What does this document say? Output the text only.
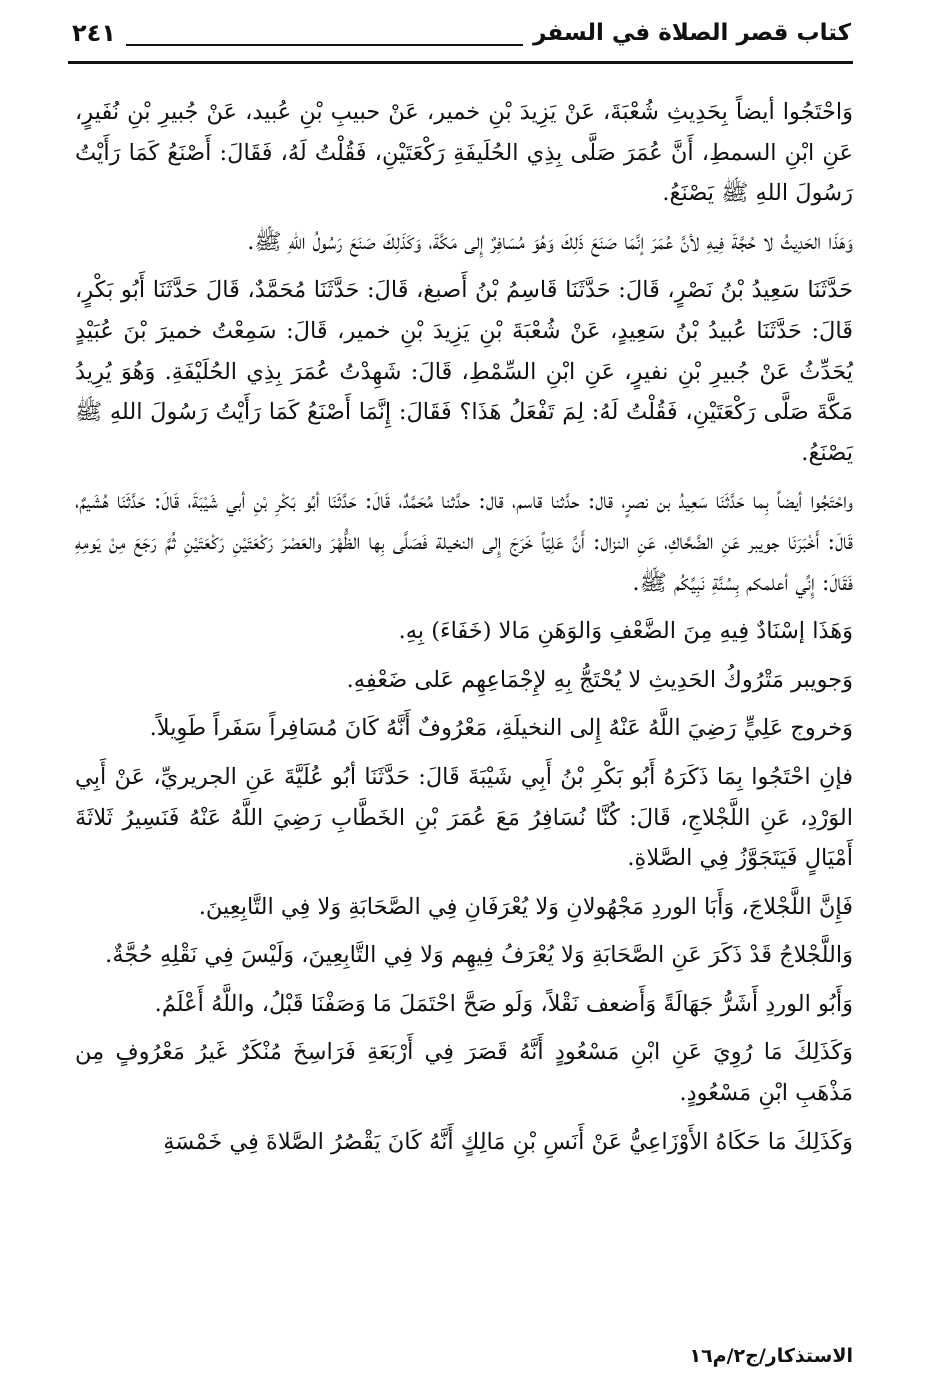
كتاب قصر الصلاة في السفر
٢٤١

وَاحْتَجُوا أيضاً بِحَدِيثِ شُعْبَةَ، عَنْ يَزِيدَ بْنِ خمير، عَنْ حبيبِ بْنِ عُبيد، عَنْ جُبيرِ بْنِ نُفَيرٍ، عَنِ ابْنِ السمطِ، أَنَّ عُمَرَ صَلَّى بِذِي الحُلَيفَةِ رَكْعَتَيْنِ، فَقُلْتُ لَهُ، فَقَالَ: أَصْنَعُ كَمَا رَأَيْتُ رَسُولَ اللهِ ﷺ يَصْنَعُ.

وَهَذَا الحَدِيثُ لا حُجَّةَ فِيهِ لأنَّ عُمَرَ إنَّمَا صَنَعَ ذَلِكَ وَهُوَ مُسَافِرٌ إِلى مَكَّةَ، وَكَذَلِكَ صَنَعَ رَسُولُ اللهِ ﷺ.

حَدَّثَنَا سَعِيدُ بْنُ نَصْرٍ، قَالَ: حَدَّثَنَا قَاسِمُ بْنُ أَصبغ، قَالَ: حَدَّثَنَا مُحَمَّدٌ، قَالَ حَدَّثَنَا أَبُو بَكْرٍ، قَالَ: حَدَّثَنَا عُبيدُ بْنُ سَعِيدٍ، عَنْ شُعْبَةَ بْنِ يَزِيدَ بْنِ خمير، قَالَ: سَمِعْتُ خميرَ بْنَ عُبَيْدٍ يُحَدِّثُ عَنْ جُبيرِ بْنِ نفيرٍ، عَنِ ابْنِ السِّمْطِ، قَالَ: شَهِدْتُ عُمَرَ بِذِي الحُلَيْفَةِ. وَهُوَ يُرِيدُ مَكَّةَ صَلَّى رَكْعَتَيْنِ، فَقُلْتُ لَهُ: لِمَ تَفْعَلُ هَذَا؟ فَقَالَ: إِنَّمَا أَصْنَعُ كَمَا رَأَيْتُ رَسُولَ اللهِ ﷺ يَصْنَعُ.

واحْتَجُوا أيضاً بِما حَدَّثَنَا سَعِيدُ بن نصرٍ، قال: حدَّثنا قاسم، قال: حدَّثنا مُحَمَّدٌ، قَالَ: حَدَّثَنَا أبُو بَكْرِ بْنِ أبي شَيْبَةَ، قَالَ: حَدَّثَنَا هُشَيمٌ، قَالَ: أَخْبَرَنَا جويبر عَنِ الضَّحَّاكِ، عَنِ النزال: أَنَّ عَلِيّاً خَرَجَ إِلى النخيلة فَصَلَّى بِها الظُّهْرَ والعَصْرَ رَكْعَتَيْنِ رَكْعَتَيْنِ ثُمَّ رَجَعَ مِنْ يَومِهِ فَقَالَ: إِنِّي أعلمكم بِسُنَّةِ نَبِيِّكُم ﷺ.

وَهَذَا إسْنَادٌ فِيهِ مِنَ الضَّعْفِ وَالوَهَنِ مَالا (خَفَاءَ) بِهِ.

وَجويبر مَتْرُوكُ الحَدِيثِ لا يُحْتَجُّ بِهِ لإِجْمَاعِهِم عَلى ضَعْفِهِ.

وَخروج عَلِيٍّ رَضِيَ اللَّهُ عَنْهُ إِلى النخيلَةِ، مَعْرُوفٌ أَنَّهُ كَانَ مُسَافِراً سَفَراً طَوِيلاً.

فإنِ احْتَجُوا بِمَا ذَكَرَهُ أَبُو بَكْرِ بْنُ أَبِي شَيْبَةَ قَالَ: حَدَّثَنَا أبُو عُلَيَّةَ عَنِ الجريريِّ، عَنْ أَبِي الوَرْدِ، عَنِ اللَّجْلاجِ، قَالَ: كُنَّا نُسَافِرُ مَعَ عُمَرَ بْنِ الخَطَّابِ رَضِيَ اللَّهُ عَنْهُ فَنَسِيرُ ثَلاثَةَ أَمْيَالٍ فَيَتَجَوَّزُ فِي الصَّلاةِ.

فَإِنَّ اللَّجْلاجَ، وَأَبَا الوردِ مَجْهُولانِ وَلا يُعْرَفَانِ فِي الصَّحَابَةِ وَلا فِي التَّابِعِينَ.

وَاللَّجْلاجُ قَدْ ذَكَرَ عَنِ الصَّحَابَةِ وَلا يُعْرَفُ فِيهِم وَلا فِي التَّابِعِينَ، وَلَيْسَ فِي نَقْلِهِ حُجَّةٌ.

وَأَبُو الوردِ أَشَرُّ جَهَالَةً وَأَضعف نَقْلاً، وَلَو صَحَّ احْتَمَلَ مَا وَصَفْنَا قَبْلُ، واللَّهُ أَعْلَمُ.

وَكَذَلِكَ مَا رُوِيَ عَنِ ابْنِ مَسْعُودٍ أَنَّهُ قَصَرَ فِي أَرْبَعَةِ فَرَاسِخَ مُنْكَرٌ غَيرُ مَعْرُوفٍ مِن مَذْهَبِ ابْنِ مَسْعُودٍ.

وَكَذَلِكَ مَا حَكَاهُ الأَوْزَاعِيُّ عَنْ أَنَسِ بْنِ مَالِكٍ أَنَّهُ كَانَ يَقْصُرُ الصَّلاةَ فِي خَمْسَةِ

الاستذكار/ج٢/م١٦
